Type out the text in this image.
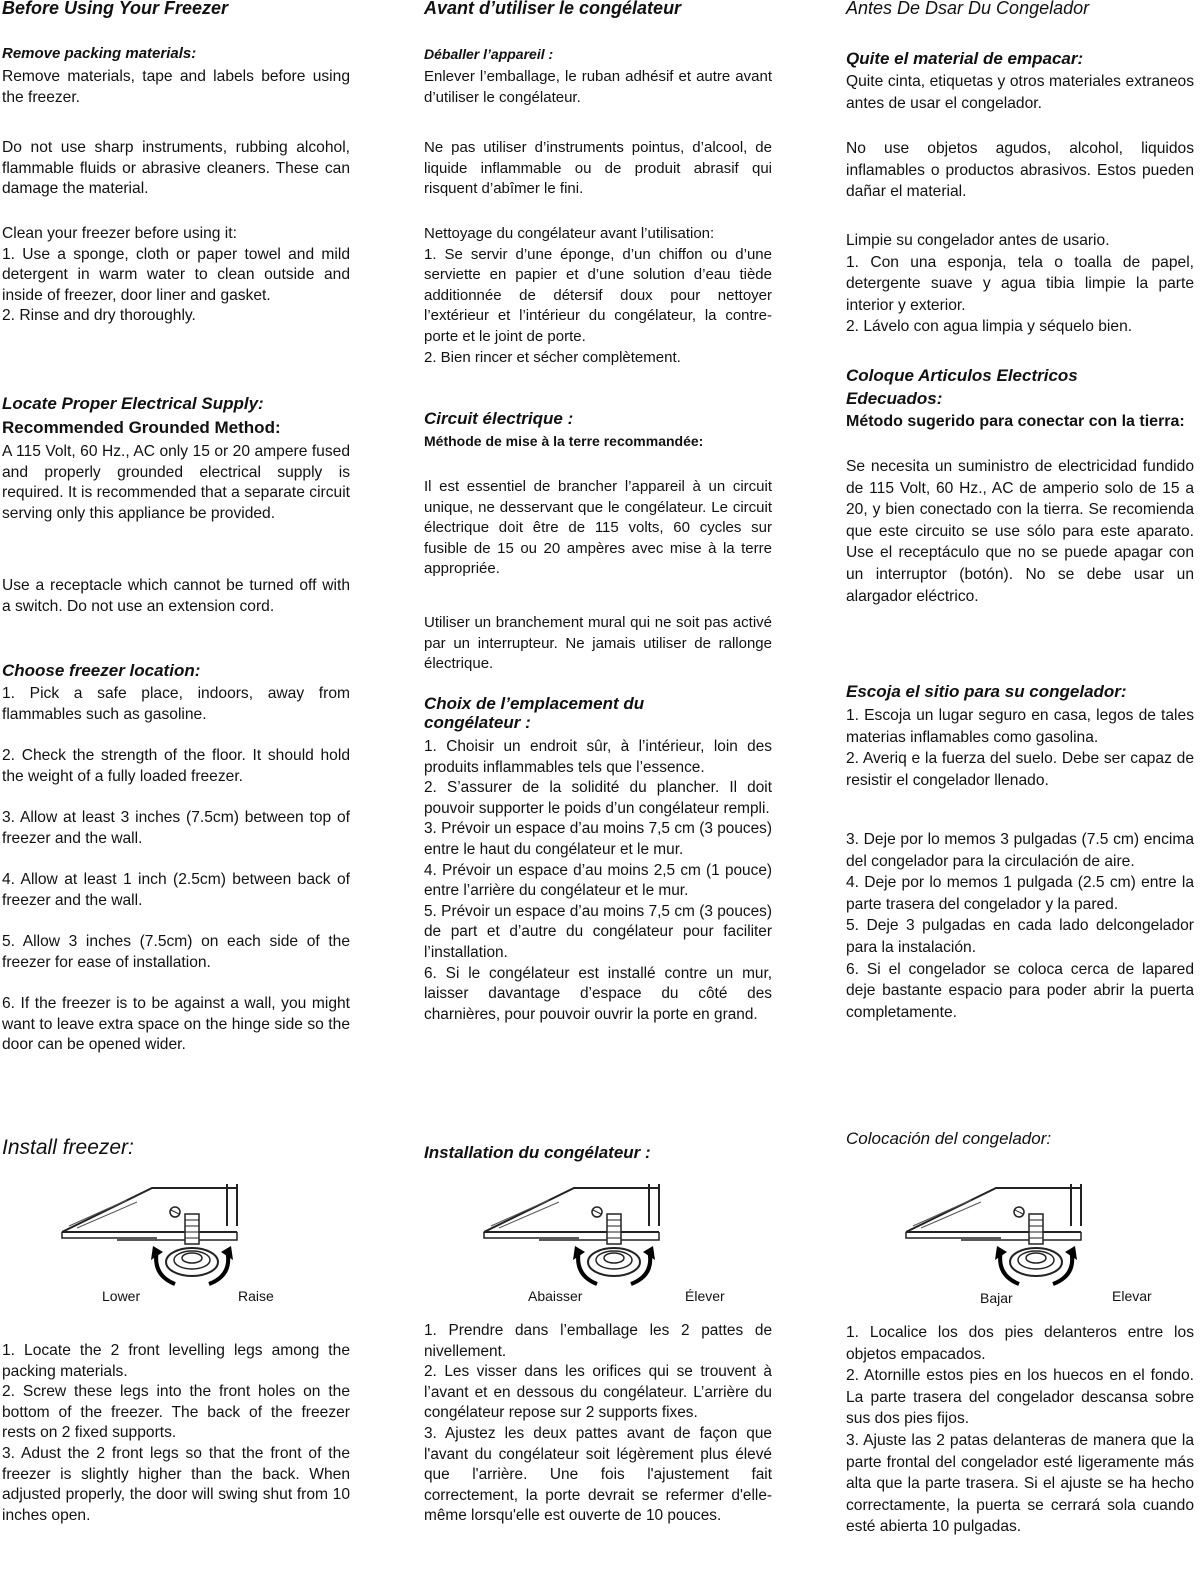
Before Using Your Freezer
Remove packing materials:
Remove materials, tape and labels before using the freezer.
Do not use sharp instruments, rubbing alcohol, flammable fluids or abrasive cleaners. These can damage the material.
Clean your freezer before using it:
1. Use a sponge, cloth or paper towel and mild detergent in warm water to clean outside and inside of freezer, door liner and gasket.
2. Rinse and dry thoroughly.
Locate Proper Electrical Supply:
Recommended Grounded Method:
A 115 Volt, 60 Hz., AC only 15 or 20 ampere fused and properly grounded electrical supply is required. It is recommended that a separate circuit serving only this appliance be provided.
Use a receptacle which cannot be turned off with a switch. Do not use an extension cord.
Choose freezer location:
1. Pick a safe place, indoors, away from flammables such as gasoline.
2. Check the strength of the floor. It should hold the weight of a fully loaded freezer.
3. Allow at least 3 inches (7.5cm) between top of freezer and the wall.
4. Allow at least 1 inch (2.5cm) between back of freezer and the wall.
5. Allow 3 inches (7.5cm) on each side of the freezer for ease of installation.
6. If the freezer is to be against a wall, you might want to leave extra space on the hinge side so the door can be opened wider.
Install freezer:
Lower	Raise
1. Locate the 2 front levelling legs among the packing materials.
2. Screw these legs into the front holes on the bottom of the freezer. The back of the freezer rests on 2 fixed supports.
3. Adust the 2 front legs so that the front of the freezer is slightly higher than the back. When adjusted properly, the door will swing shut from 10 inches open.
Avant d’utiliser le congélateur
Déballer l’appareil :
Enlever l’emballage, le ruban adhésif et autre avant d’utiliser le congélateur.
Ne pas utiliser d’instruments pointus, d’alcool, de liquide inflammable ou de produit abrasif qui risquent d’abîmer le fini.
Nettoyage du congélateur avant l’utilisation:
1. Se servir d’une éponge, d’un chiffon ou d’une serviette en papier et d’une solution d’eau tiède additionnée de détersif doux pour nettoyer l’extérieur et l’intérieur du congélateur, la contre-porte et le joint de porte.
2. Bien rincer et sécher complètement.
Circuit électrique :
Méthode de mise à la terre recommandée:
Il est essentiel de brancher l’appareil à un circuit unique, ne desservant que le congélateur. Le circuit électrique doit être de 115 volts, 60 cycles sur fusible de 15 ou 20 ampères avec mise à la terre appropriée.
Utiliser un branchement mural qui ne soit pas activé par un interrupteur. Ne jamais utiliser de rallonge électrique.
Choix de l’emplacement du
congélateur :
1. Choisir un endroit sûr, à l’intérieur, loin des produits inflammables tels que l’essence.
2. S’assurer de la solidité du plancher. Il doit pouvoir supporter le poids d’un congélateur rempli.
3. Prévoir un espace d’au moins 7,5 cm (3 pouces) entre le haut du congélateur et le mur.
4. Prévoir un espace d’au moins 2,5 cm (1 pouce) entre l’arrière du congélateur et le mur.
5. Prévoir un espace d’au moins 7,5 cm (3 pouces) de part et d’autre du congélateur pour faciliter l’installation.
6. Si le congélateur est installé contre un mur, laisser davantage d’espace du côté des charnières, pour pouvoir ouvrir la porte en grand.
Installation du congélateur :
Abaisser	Élever
1. Prendre dans l’emballage les 2 pattes de nivellement.
2. Les visser dans les orifices qui se trouvent à l’avant et en dessous du congélateur. L’arrière du congélateur repose sur 2 supports fixes.
3. Ajustez les deux pattes avant de façon que l'avant du congélateur soit légèrement plus élevé que l'arrière. Une fois l'ajustement fait correctement, la porte devrait se refermer d'elle-même lorsqu'elle est ouverte de 10 pouces.
Antes De Dsar Du Congelador
Quite el material de empacar:
Quite cinta, etiquetas y otros materiales extraneos antes de usar el congelador.
No use objetos agudos, alcohol, liquidos inflamables o productos abrasivos. Estos pueden dañar el material.
Limpie su congelador antes de usario.
1. Con una esponja, tela o toalla de papel, detergente suave y agua tibia limpie la parte interior y exterior.
2. Lávelo con agua limpia y séquelo bien.
Coloque Articulos Electricos
Edecuados:
Método sugerido para conectar con la tierra:
Se necesita un suministro de electricidad fundido de 115 Volt, 60 Hz., AC de amperio solo de 15 a 20, y bien conectado con la tierra. Se recomienda que este circuito se use sólo para este aparato. Use el receptáculo que no se puede apagar con un interruptor (botón). No se debe usar un alargador eléctrico.
Escoja el sitio para su congelador:
1. Escoja un lugar seguro en casa, legos de tales materias inflamables como gasolina.
2. Averiq e la fuerza del suelo. Debe ser capaz de resistir el congelador llenado.
3. Deje por lo memos 3 pulgadas (7.5 cm) encima del congelador para la circulación de aire.
4. Deje por lo memos 1 pulgada (2.5 cm) entre la parte trasera del congelador y la pared.
5. Deje 3 pulgadas en cada lado delcongelador para la instalación.
6. Si el congelador se coloca cerca de lapared deje bastante espacio para poder abrir la puerta completamente.
Colocación del congelador:
Bajar	Elevar
1. Localice los dos pies delanteros entre los objetos empacados.
2. Atornille estos pies en los huecos en el fondo. La parte trasera del congelador descansa sobre sus dos pies fijos.
3. Ajuste las 2 patas delanteras de manera que la parte frontal del congelador esté ligeramente más alta que la parte trasera. Si el ajuste se ha hecho correctamente, la puerta se cerrará sola cuando esté abierta 10 pulgadas.
